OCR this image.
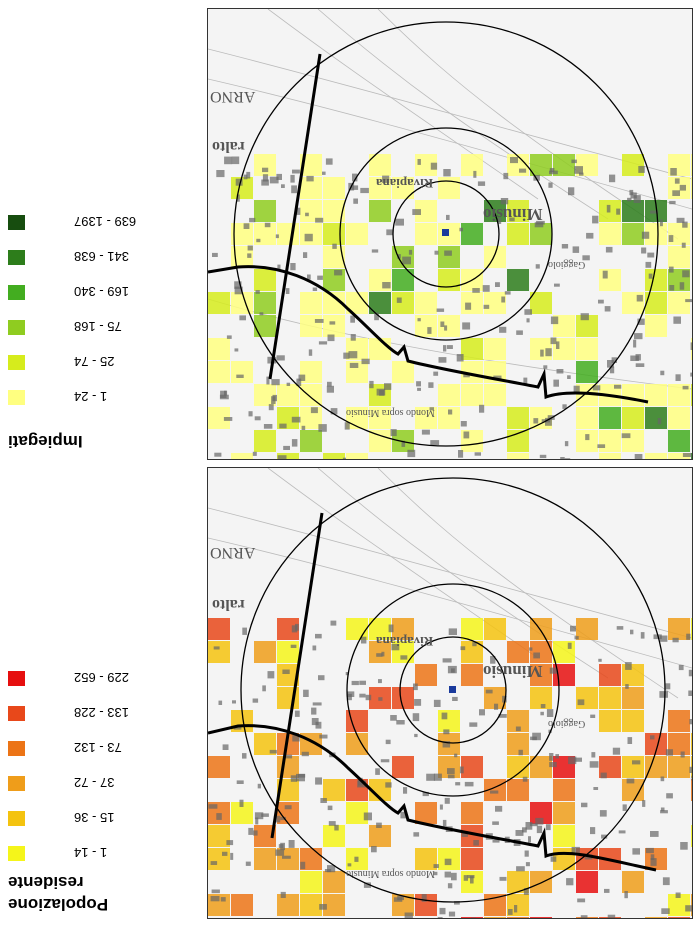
639 - 1397
341 - 638
169 - 340
75 - 168
25 - 74
1 - 24
Impiegati
229 - 652
133 - 228
73 - 132
37 - 72
15 - 36
1 - 14
residente
Popolazione
ARNO
ralto
Minusio
Rivapiana
Mondo sopra Minusio
Gaggiolo
ARNO
ralto
Minusio
Rivapiana
Mondo sopra Minusio
Gaggiolo
